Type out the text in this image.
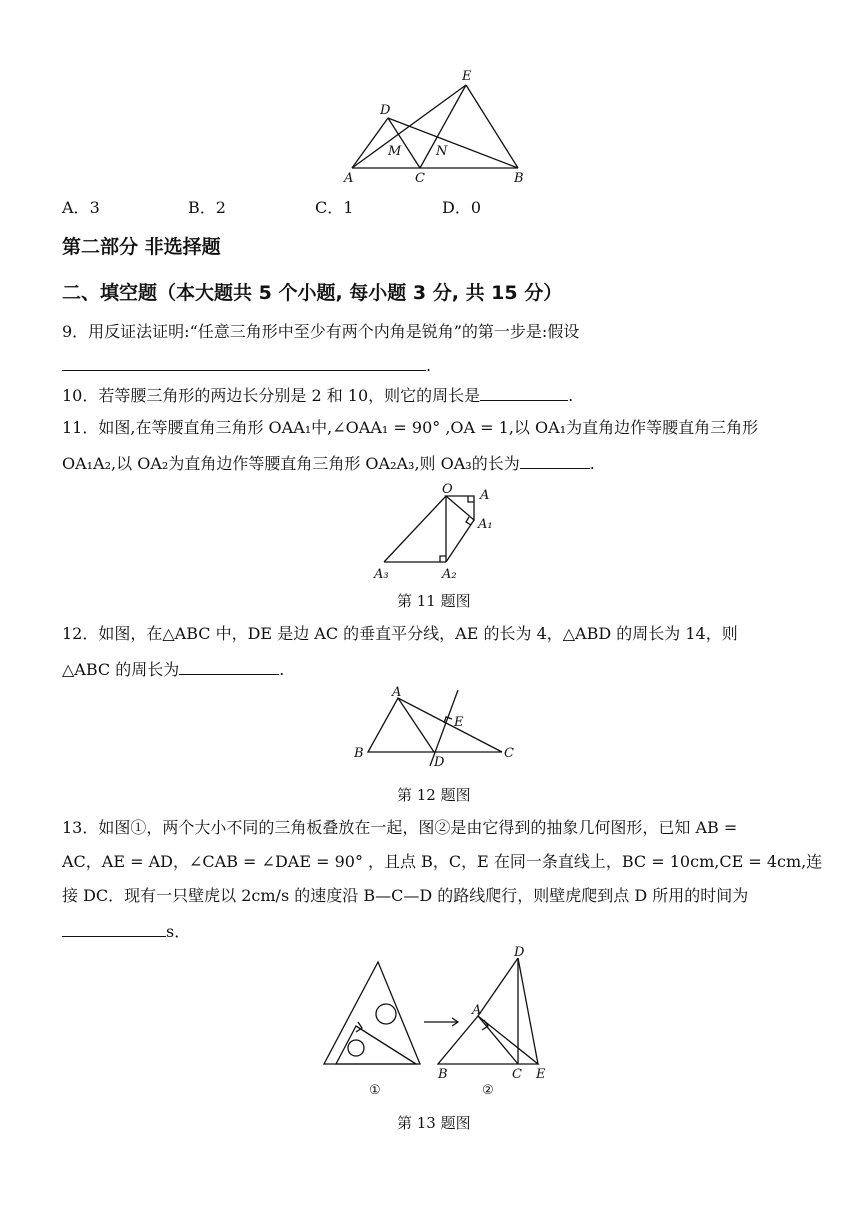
E
D
M	N
A	C	B
A．3	B．2	C．1	D．0
第二部分 非选择题
二、填空题（本大题共 5 个小题, 每小题 3 分, 共 15 分）
9．用反证法证明:“任意三角形中至少有两个内角是锐角”的第一步是:假设
.
10．若等腰三角形的两边长分别是 2 和 10，则它的周长是	.
11．如图,在等腰直角三角形 OAA₁中,∠OAA₁ = 90° ,OA = 1,以 OA₁为直角边作等腰直角三角形
OA₁A₂,以 OA₂为直角边作等腰直角三角形 OA₂A₃,则 OA₃的长为	.
O A
A₁
A₂
A₃
第 11 题图
12．如图，在△ABC 中，DE 是边 AC 的垂直平分线，AE 的长为 4，△ABD 的周长为 14，则
△ABC 的周长为	.
A
B	C
D
E
第 12 题图
13．如图①，两个大小不同的三角板叠放在一起，图②是由它得到的抽象几何图形，已知 AB =
AC，AE = AD，∠CAB = ∠DAE = 90° ，且点 B，C，E 在同一条直线上，BC = 10cm,CE = 4cm,连
接 DC．现有一只壁虎以 2cm/s 的速度沿 B—C—D 的路线爬行，则壁虎爬到点 D 所用的时间为
s．
D
A
B	C E
①	②
第 13 题图
